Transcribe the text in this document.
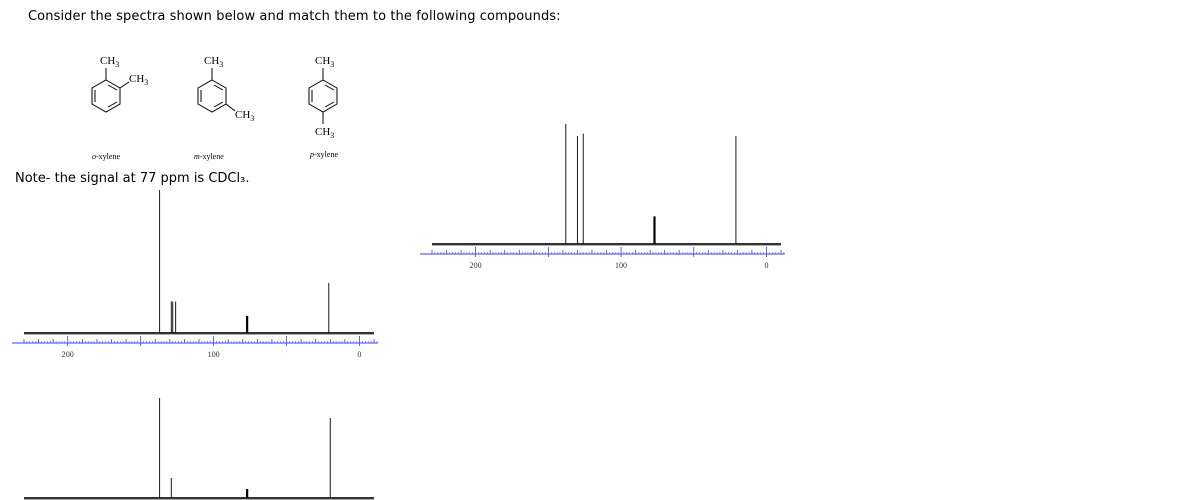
Consider the spectra shown below and match them to the following compounds:
$CH_3$
$CH_3$
$CH_3$
$CH_3$
$CH_3$
$CH_3$
o-xylene	m-xylene	p-xylene
Note- the signal at 77 ppm is CDCl₃.
200	100	0
200	100	0
